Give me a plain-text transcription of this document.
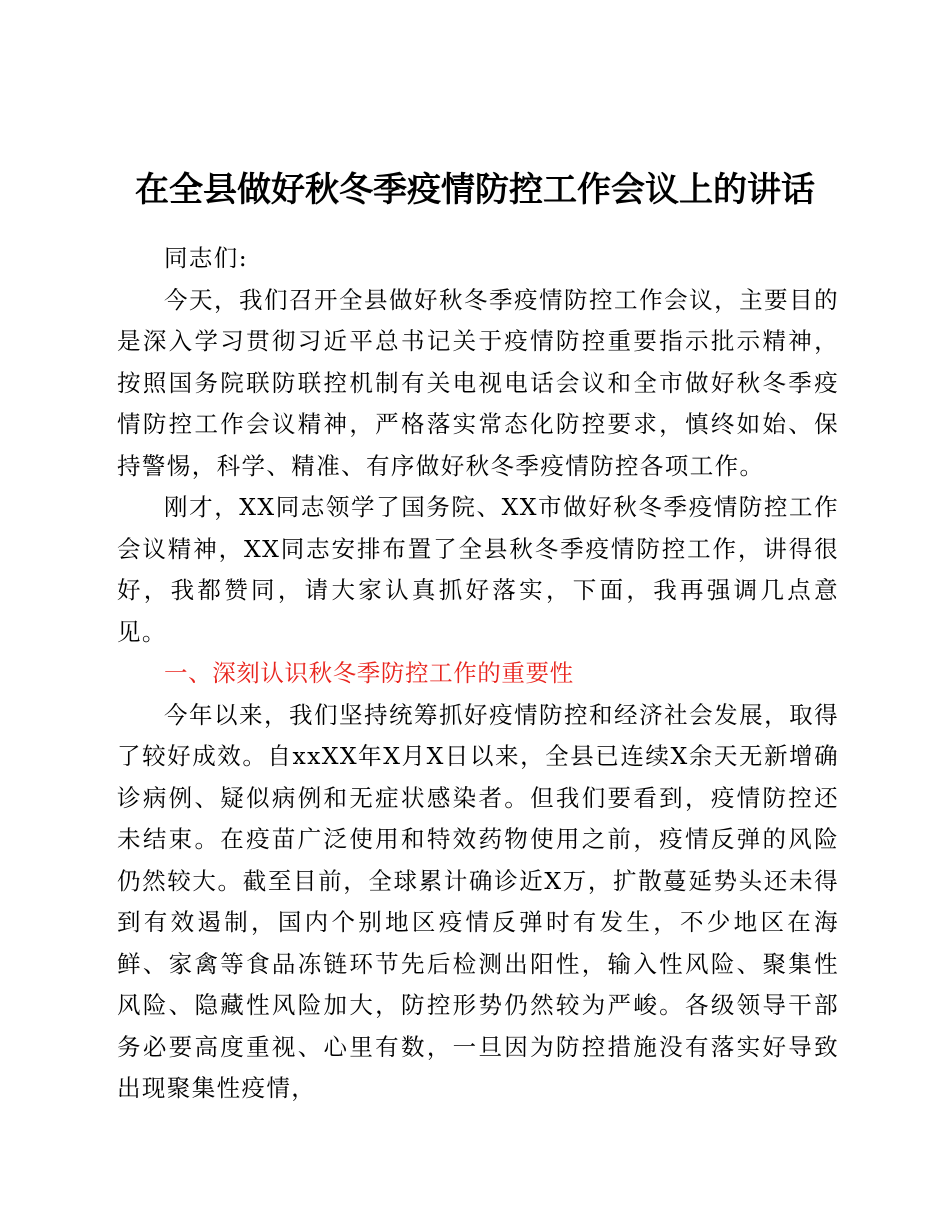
在全县做好秋冬季疫情防控工作会议上的讲话

同志们:

今天，我们召开全县做好秋冬季疫情防控工作会议，主要目的是深入学习贯彻习近平总书记关于疫情防控重要指示批示精神，按照国务院联防联控机制有关电视电话会议和全市做好秋冬季疫情防控工作会议精神，严格落实常态化防控要求，慎终如始、保持警惕，科学、精准、有序做好秋冬季疫情防控各项工作。

刚才，XX同志领学了国务院、XX市做好秋冬季疫情防控工作会议精神，XX同志安排布置了全县秋冬季疫情防控工作，讲得很好，我都赞同，请大家认真抓好落实，下面，我再强调几点意见。

一、深刻认识秋冬季防控工作的重要性

今年以来，我们坚持统筹抓好疫情防控和经济社会发展，取得了较好成效。自xxXX年X月X日以来，全县已连续X余天无新增确诊病例、疑似病例和无症状感染者。但我们要看到，疫情防控还未结束。在疫苗广泛使用和特效药物使用之前，疫情反弹的风险仍然较大。截至目前，全球累计确诊近X万，扩散蔓延势头还未得到有效遏制，国内个别地区疫情反弹时有发生，不少地区在海鲜、家禽等食品冻链环节先后检测出阳性，输入性风险、聚集性风险、隐藏性风险加大，防控形势仍然较为严峻。各级领导干部务必要高度重视、心里有数，一旦因为防控措施没有落实好导致出现聚集性疫情，
